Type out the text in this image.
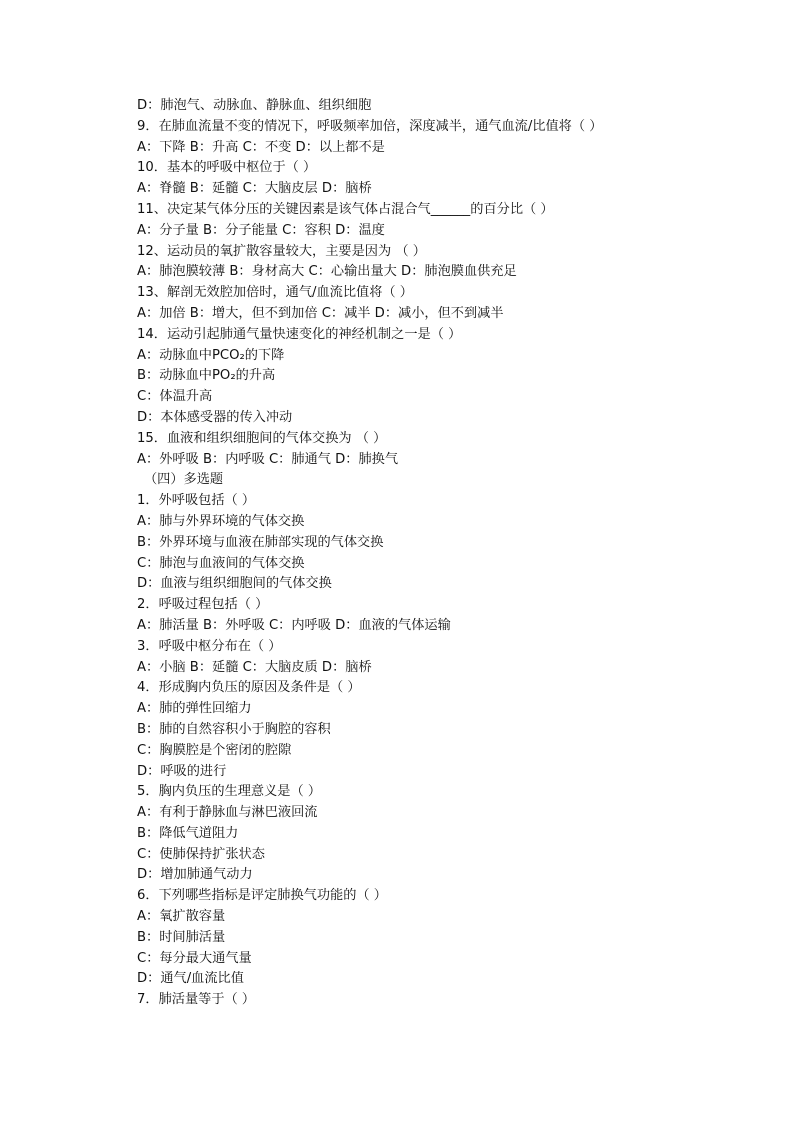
D：肺泡气、动脉血、静脉血、组织细胞
9．在肺血流量不变的情况下，呼吸频率加倍，深度减半，通气血流/比值将（ ）
A：下降 B：升高 C：不变 D：以上都不是
10．基本的呼吸中枢位于（ ）
A：脊髓 B：延髓 C：大脑皮层 D：脑桥
11、决定某气体分压的关键因素是该气体占混合气______的百分比（ ）
A：分子量 B：分子能量 C：容积 D：温度
12、运动员的氧扩散容量较大，主要是因为 （ ）
A：肺泡膜较薄 B：身材高大 C：心输出量大 D：肺泡膜血供充足
13、解剖无效腔加倍时，通气/血流比值将（ ）
A：加倍 B：增大，但不到加倍 C：减半 D：减小，但不到减半
14．运动引起肺通气量快速变化的神经机制之一是（ ）
A：动脉血中PCO₂的下降
B：动脉血中PO₂的升高
C：体温升高
D：本体感受器的传入冲动
15．血液和组织细胞间的气体交换为 （ ）
A：外呼吸 B：内呼吸 C：肺通气 D：肺换气
（四）多选题
1．外呼吸包括（ ）
A：肺与外界环境的气体交换
B：外界环境与血液在肺部实现的气体交换
C：肺泡与血液间的气体交换
D：血液与组织细胞间的气体交换
2．呼吸过程包括（ ）
A：肺活量 B：外呼吸 C：内呼吸 D：血液的气体运输
3．呼吸中枢分布在（ ）
A：小脑 B：延髓 C：大脑皮质 D：脑桥
4．形成胸内负压的原因及条件是（ ）
A：肺的弹性回缩力
B：肺的自然容积小于胸腔的容积
C：胸膜腔是个密闭的腔隙
D：呼吸的进行
5．胸内负压的生理意义是（ ）
A：有利于静脉血与淋巴液回流
B：降低气道阻力
C：使肺保持扩张状态
D：增加肺通气动力
6．下列哪些指标是评定肺换气功能的（ ）
A：氧扩散容量
B：时间肺活量
C：每分最大通气量
D：通气/血流比值
7．肺活量等于（ ）
